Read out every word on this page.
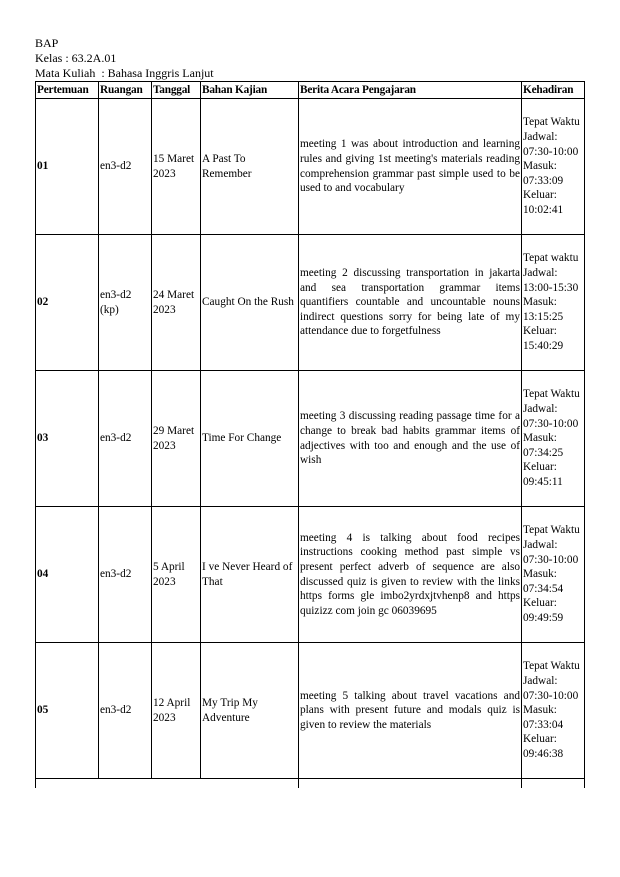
BAP
Kelas : 63.2A.01
Mata Kuliah  : Bahasa Inggris Lanjut
Pertemuan	Ruangan	Tanggal	Bahan Kajian	Berita Acara Pengajaran	Kehadiran
01	en3-d2	15 Maret 2023	A Past To Remember	meeting 1 was about introduction and learning rules and giving 1st meeting's materials reading comprehension grammar past simple used to be used to and vocabulary	Tepat Waktu Jadwal: 07:30-10:00 Masuk: 07:33:09 Keluar: 10:02:41
02	en3-d2 (kp)	24 Maret 2023	Caught On the Rush	meeting 2 discussing transportation in jakarta and sea transportation grammar items quantifiers countable and uncountable nouns indirect questions sorry for being late of my attendance due to forgetfulness	Tepat waktu Jadwal: 13:00-15:30 Masuk: 13:15:25 Keluar: 15:40:29
03	en3-d2	29 Maret 2023	Time For Change	meeting 3 discussing reading passage time for a change to break bad habits grammar items of adjectives with too and enough and the use of wish	Tepat Waktu Jadwal: 07:30-10:00 Masuk: 07:34:25 Keluar: 09:45:11
04	en3-d2	5 April 2023	I ve Never Heard of That	meeting 4 is talking about food recipes instructions cooking method past simple vs present perfect adverb of sequence are also discussed quiz is given to review with the links https forms gle imbo2yrdxjtvhenp8 and https quizizz com join gc 06039695	Tepat Waktu Jadwal: 07:30-10:00 Masuk: 07:34:54 Keluar: 09:49:59
05	en3-d2	12 April 2023	My Trip My Adventure	meeting 5 talking about travel vacations and plans with present future and modals quiz is given to review the materials	Tepat Waktu Jadwal: 07:30-10:00 Masuk: 07:33:04 Keluar: 09:46:38
